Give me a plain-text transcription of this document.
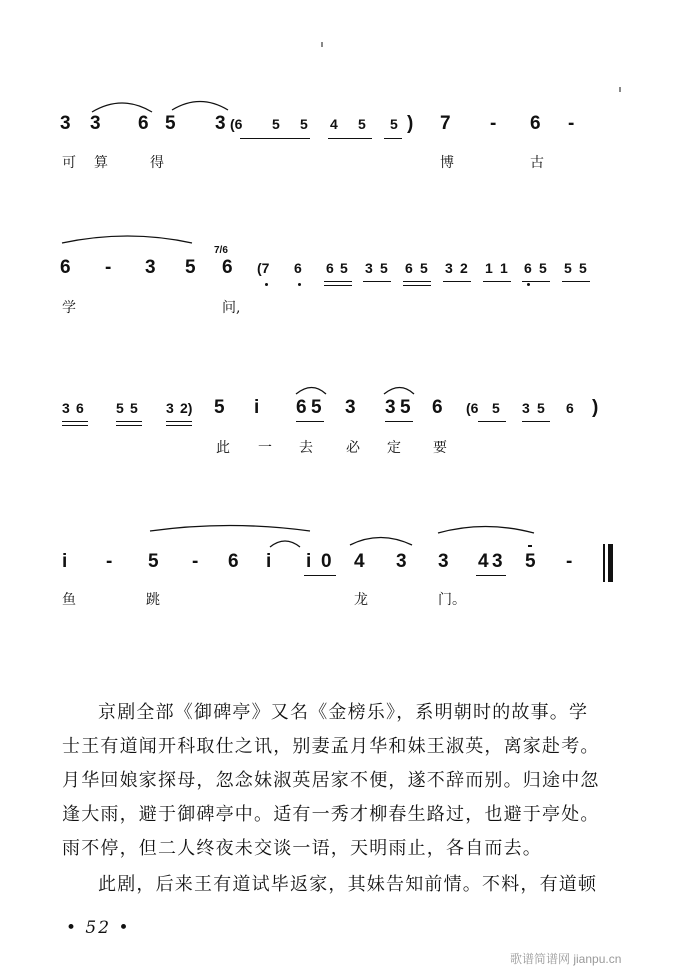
3 3 6 5 3 (6 5 5 4 5 5 ) 7 - 6 -
可 算	得	博	古
6 - 3 5
7/6
6 (7 6 6 5 3 5 6 5 3 2 1 1 6 5 5 5
学	问,
3 6 5 5 3 2) 5 i 6 5 3 3 5 6 (6 5 3 5 6 )
此 一 去 必 定 要
i - 5 - 6 i i 0 4 3 3 4 3 5 -
鱼	跳	龙	门。
京剧全部《御碑亭》又名《金榜乐》，系明朝时的故事。学
士王有道闻开科取仕之讯，别妻孟月华和妹王淑英，离家赴考。
月华回娘家探母，忽念妹淑英居家不便，遂不辞而别。归途中忽
逢大雨，避于御碑亭中。适有一秀才柳春生路过，也避于亭处。
雨不停，但二人终夜未交谈一语，天明雨止，各自而去。
此剧，后来王有道试毕返家，其妹告知前情。不料，有道顿
• 52 •
歌谱简谱网 jianpu.cn
